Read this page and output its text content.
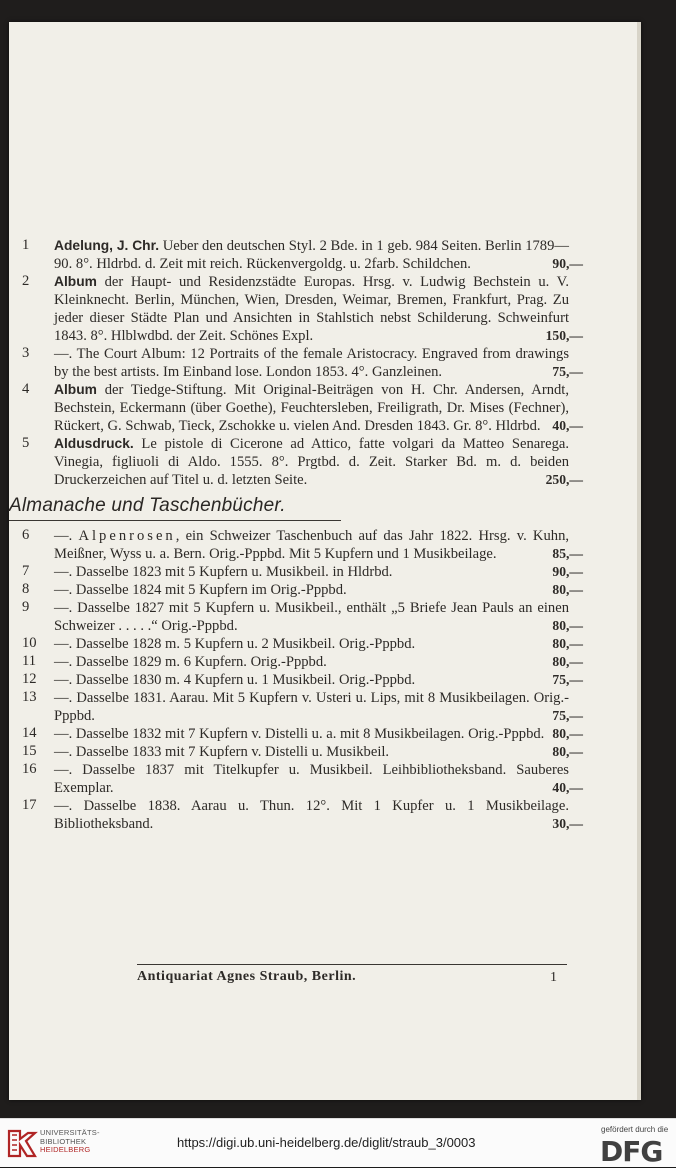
1	Adelung, J. Chr. Ueber den deutschen Styl. 2 Bde. in 1 geb. 984 Seiten. Berlin 1789—90. 8°. Hldrbd. d. Zeit mit reich. Rückenvergoldg. u. 2farb. Schildchen.	90,—
2	Album der Haupt- und Residenzstädte Europas. Hrsg. v. Ludwig Bechstein u. V. Kleinknecht. Berlin, München, Wien, Dresden, Weimar, Bremen, Frankfurt, Prag. Zu jeder dieser Städte Plan und Ansichten in Stahlstich nebst Schilderung. Schweinfurt 1843. 8°. Hlblwdbd. der Zeit. Schönes Expl.	150,—
3	—. The Court Album: 12 Portraits of the female Aristocracy. Engraved from drawings by the best artists. Im Einband lose. London 1853. 4°. Ganzleinen.	75,—
4	Album der Tiedge-Stiftung. Mit Original-Beiträgen von H. Chr. Andersen, Arndt, Bechstein, Eckermann (über Goethe), Feuchtersleben, Freiligrath, Dr. Mises (Fechner), Rückert, G. Schwab, Tieck, Zschokke u. vielen And. Dresden 1843. Gr. 8°. Hldrbd. 40,—
5	Aldusdruck. Le pistole di Cicerone ad Attico, fatte volgari da Matteo Senarega. Vinegia, figliuoli di Aldo. 1555. 8°. Prgtbd. d. Zeit. Starker Bd. m. d. beiden Druckerzeichen auf Titel u. d. letzten Seite.	250,—
Almanache und Taschenbücher.
6	—. Alpenrosen, ein Schweizer Taschenbuch auf das Jahr 1822. Hrsg. v. Kuhn, Meißner, Wyss u. a. Bern. Orig.-Pppbd. Mit 5 Kupfern und 1 Musikbeilage.	85,—
7	—. Dasselbe 1823 mit 5 Kupfern u. Musikbeil. in Hldrbd.	90,—
8	—. Dasselbe 1824 mit 5 Kupfern im Orig.-Pppbd.	80,—
9	—. Dasselbe 1827 mit 5 Kupfern u. Musikbeil., enthält „5 Briefe Jean Pauls an einen Schweizer . . . . .“ Orig.-Pppbd.	80,—
10	—. Dasselbe 1828 m. 5 Kupfern u. 2 Musikbeil. Orig.-Pppbd.	80,—
11	—. Dasselbe 1829 m. 6 Kupfern. Orig.-Pppbd.	80,—
12	—. Dasselbe 1830 m. 4 Kupfern u. 1 Musikbeil. Orig.-Pppbd.	75,—
13	—. Dasselbe 1831. Aarau. Mit 5 Kupfern v. Usteri u. Lips, mit 8 Musikbeilagen. Orig.-Pppbd.	75,—
14	—. Dasselbe 1832 mit 7 Kupfern v. Distelli u. a. mit 8 Musikbeilagen. Orig.-Pppbd. 80,—
15	—. Dasselbe 1833 mit 7 Kupfern v. Distelli u. Musikbeil.	80,—
16	—. Dasselbe 1837 mit Titelkupfer u. Musikbeil. Leihbibliotheksband. Sauberes Exemplar.	40,—
17	—. Dasselbe 1838. Aarau u. Thun. 12°. Mit 1 Kupfer u. 1 Musikbeilage. Bibliotheksband.	30,—
Antiquariat Agnes Straub, Berlin.	1
UNIVERSITÄTS-
BIBLIOTHEK
HEIDELBERG	https://digi.ub.uni-heidelberg.de/diglit/straub_3/0003
gefördert durch die
DFG
